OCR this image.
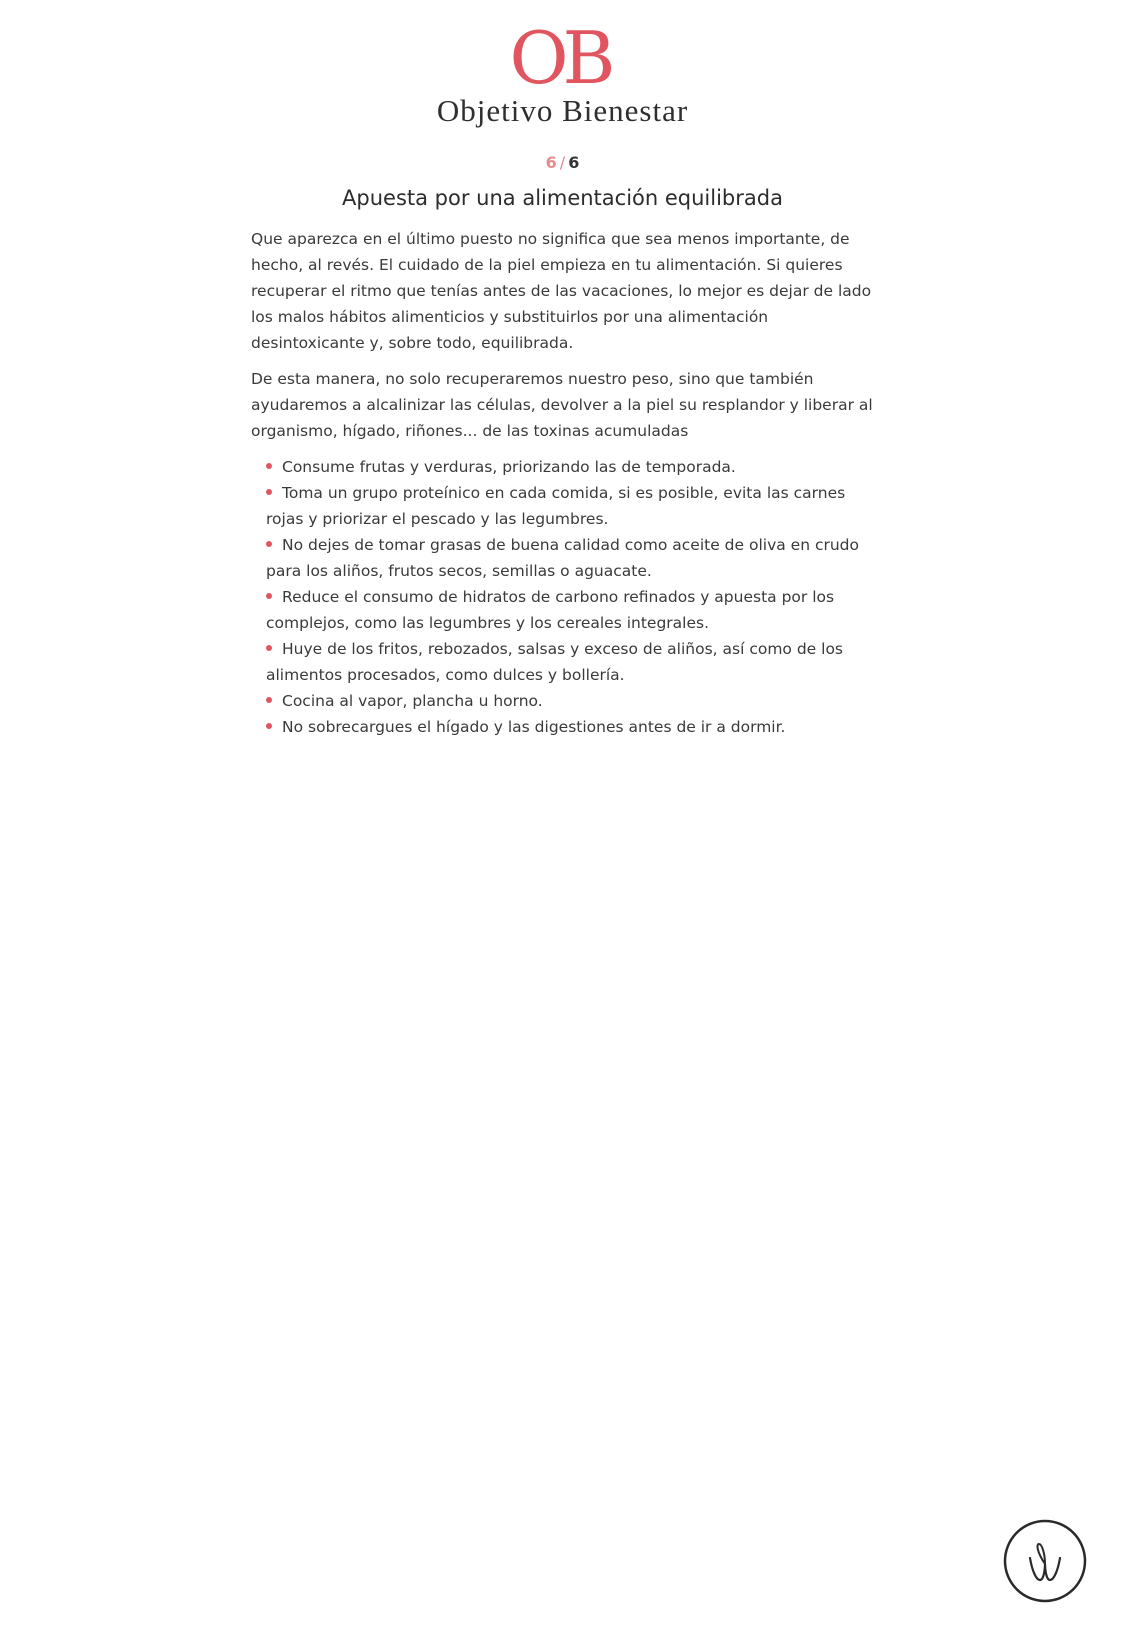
OB
Objetivo Bienestar
6 / 6
Apuesta por una alimentación equilibrada

Que aparezca en el último puesto no significa que sea menos importante, de hecho, al revés. El cuidado de la piel empieza en tu alimentación. Si quieres recuperar el ritmo que tenías antes de las vacaciones, lo mejor es dejar de lado los malos hábitos alimenticios y substituirlos por una alimentación desintoxicante y, sobre todo, equilibrada.

De esta manera, no solo recuperaremos nuestro peso, sino que también ayudaremos a alcalinizar las células, devolver a la piel su resplandor y liberar al organismo, hígado, riñones... de las toxinas acumuladas

Consume frutas y verduras, priorizando las de temporada.
Toma un grupo proteínico en cada comida, si es posible, evita las carnes rojas y priorizar el pescado y las legumbres.
No dejes de tomar grasas de buena calidad como aceite de oliva en crudo para los aliños, frutos secos, semillas o aguacate.
Reduce el consumo de hidratos de carbono refinados y apuesta por los complejos, como las legumbres y los cereales integrales.
Huye de los fritos, rebozados, salsas y exceso de aliños, así como de los alimentos procesados, como dulces y bollería.
Cocina al vapor, plancha u horno.
No sobrecargues el hígado y las digestiones antes de ir a dormir.
